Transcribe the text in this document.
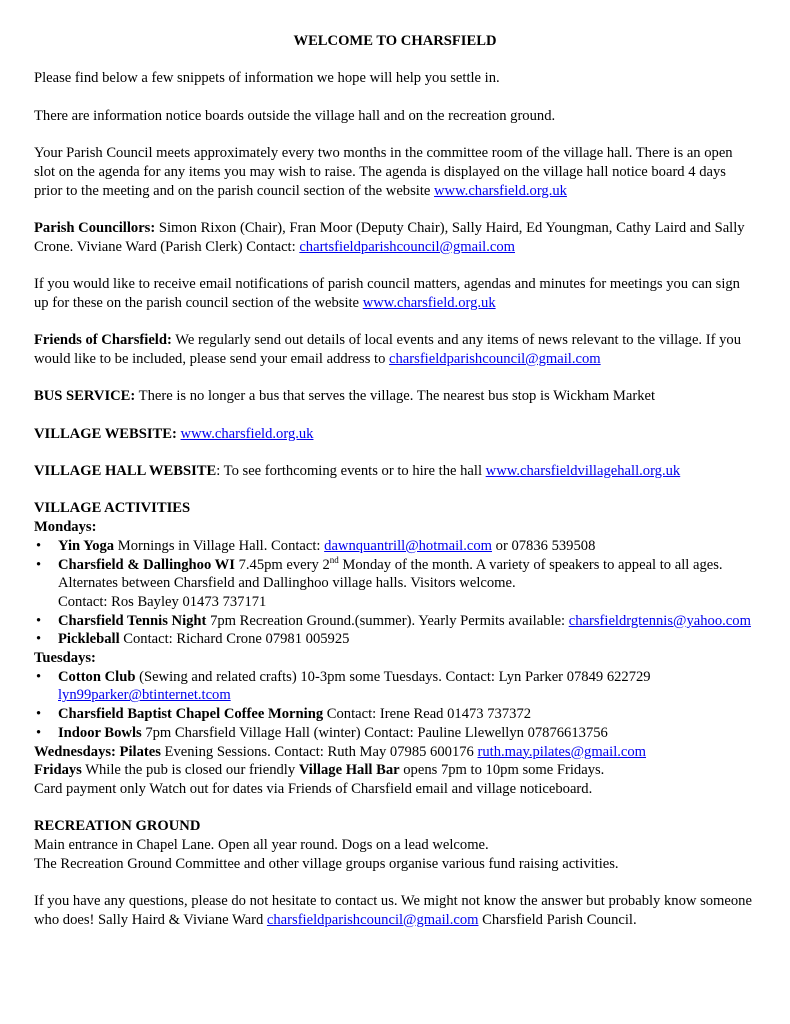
WELCOME TO CHARSFIELD

Please find below a few snippets of information we hope will help you settle in.

There are information notice boards outside the village hall and on the recreation ground.

Your Parish Council meets approximately every two months in the committee room of the village hall. There is an open slot on the agenda for any items you may wish to raise. The agenda is displayed on the village hall notice board 4 days prior to the meeting and on the parish council section of the website www.charsfield.org.uk

Parish Councillors: Simon Rixon (Chair), Fran Moor (Deputy Chair), Sally Haird, Ed Youngman, Cathy Laird and Sally Crone. Viviane Ward (Parish Clerk) Contact: chartsfieldparishcouncil@gmail.com

If you would like to receive email notifications of parish council matters, agendas and minutes for meetings you can sign up for these on the parish council section of the website www.charsfield.org.uk

Friends of Charsfield: We regularly send out details of local events and any items of news relevant to the village. If you would like to be included, please send your email address to charsfieldparishcouncil@gmail.com

BUS SERVICE: There is no longer a bus that serves the village. The nearest bus stop is Wickham Market

VILLAGE WEBSITE: www.charsfield.org.uk

VILLAGE HALL WEBSITE: To see forthcoming events or to hire the hall www.charsfieldvillagehall.org.uk

VILLAGE ACTIVITIES
Mondays:
• Yin Yoga Mornings in Village Hall. Contact: dawnquantrill@hotmail.com or 07836 539508
• Charsfield & Dallinghoo WI 7.45pm every 2nd Monday of the month. A variety of speakers to appeal to all ages. Alternates between Charsfield and Dallinghoo village halls. Visitors welcome.
Contact: Ros Bayley 01473 737171
• Charsfield Tennis Night 7pm Recreation Ground.(summer). Yearly Permits available: charsfieldrgtennis@yahoo.com
• Pickleball Contact: Richard Crone 07981 005925
Tuesdays:
• Cotton Club (Sewing and related crafts) 10-3pm some Tuesdays. Contact: Lyn Parker 07849 622729 lyn99parker@btinternet.tcom
• Charsfield Baptist Chapel Coffee Morning Contact: Irene Read 01473 737372
• Indoor Bowls 7pm Charsfield Village Hall (winter) Contact: Pauline Llewellyn 07876613756
Wednesdays: Pilates Evening Sessions. Contact: Ruth May 07985 600176 ruth.may.pilates@gmail.com
Fridays While the pub is closed our friendly Village Hall Bar opens 7pm to 10pm some Fridays.
Card payment only Watch out for dates via Friends of Charsfield email and village noticeboard.
RECREATION GROUND
Main entrance in Chapel Lane. Open all year round. Dogs on a lead welcome.
The Recreation Ground Committee and other village groups organise various fund raising activities.

If you have any questions, please do not hesitate to contact us. We might not know the answer but probably know someone who does! Sally Haird & Viviane Ward charsfieldparishcouncil@gmail.com Charsfield Parish Council.
